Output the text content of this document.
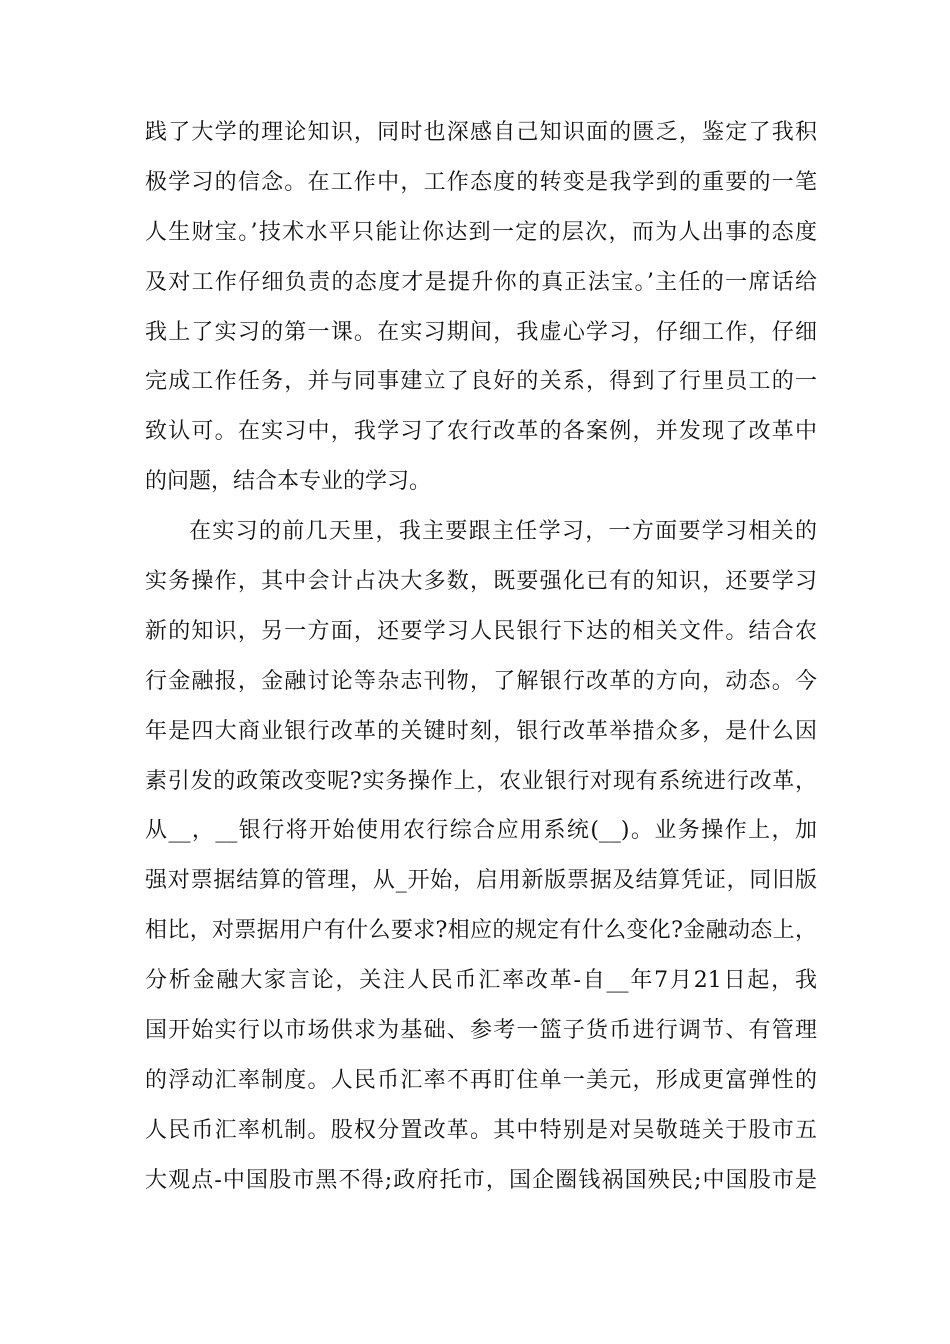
践了大学的理论知识，同时也深感自己知识面的匮乏，鉴定了我积
极学习的信念。在工作中，工作态度的转变是我学到的重要的一笔
人生财宝。’技术水平只能让你达到一定的层次，而为人出事的态度
及对工作仔细负责的态度才是提升你的真正法宝。’主任的一席话给
我上了实习的第一课。在实习期间，我虚心学习，仔细工作，仔细
完成工作任务，并与同事建立了良好的关系，得到了行里员工的一
致认可。在实习中，我学习了农行改革的各案例，并发现了改革中
的问题，结合本专业的学习。
在实习的前几天里，我主要跟主任学习，一方面要学习相关的
实务操作，其中会计占决大多数，既要强化已有的知识，还要学习
新的知识，另一方面，还要学习人民银行下达的相关文件。结合农
行金融报，金融讨论等杂志刊物，了解银行改革的方向，动态。今
年是四大商业银行改革的关键时刻，银行改革举措众多，是什么因
素引发的政策改变呢?实务操作上，农业银行对现有系统进行改革，
从__，__银行将开始使用农行综合应用系统(__)。业务操作上，加
强对票据结算的管理，从_开始，启用新版票据及结算凭证，同旧版
相比，对票据用户有什么要求?相应的规定有什么变化?金融动态上，
分析金融大家言论，关注人民币汇率改革-自__年7月21日起，我
国开始实行以市场供求为基础、参考一篮子货币进行调节、有管理
的浮动汇率制度。人民币汇率不再盯住单一美元，形成更富弹性的
人民币汇率机制。股权分置改革。其中特别是对吴敬琏关于股市五
大观点-中国股市黑不得;政府托市，国企圈钱祸国殃民;中国股市是
